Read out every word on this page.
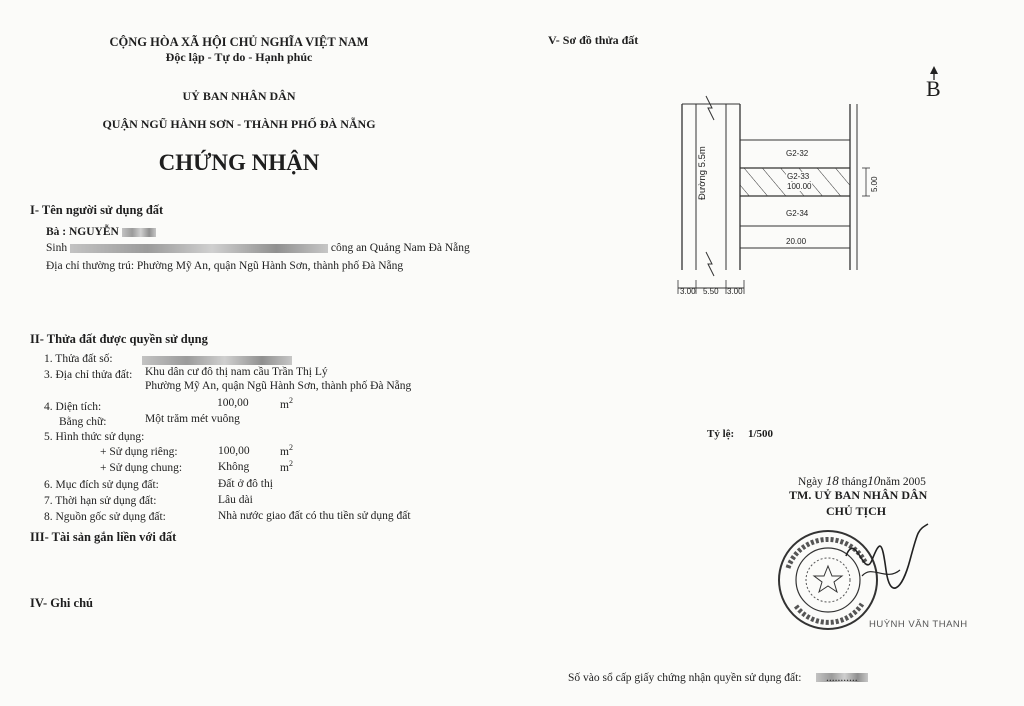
CỘNG HÒA XÃ HỘI CHỦ NGHĨA VIỆT NAM
Độc lập - Tự do - Hạnh phúc
UỶ BAN NHÂN DÂN
QUẬN NGŨ HÀNH SƠN - THÀNH PHỐ ĐÀ NẴNG
CHỨNG NHẬN
I- Tên người sử dụng đất
Bà : NGUYỄN
Sinh	công an Quảng Nam Đà Nẵng
Địa chỉ thường trú: Phường Mỹ An, quận Ngũ Hành Sơn, thành phố Đà Nẵng
II- Thửa đất được quyền sử dụng
1. Thửa đất số:
3. Địa chỉ thửa đất: Khu dân cư đô thị nam cầu Trần Thị Lý
Phường Mỹ An, quận Ngũ Hành Sơn, thành phố Đà Nẵng
4. Diện tích:	100,00	$m^2$
Bằng chữ:	Một trăm mét vuông
5. Hình thức sử dụng:
+ Sử dụng riêng:	100,00	$m^2$
+ Sử dụng chung:	Không	$m^2$
6. Mục đích sử dụng đất:	Đất ở đô thị
7. Thời hạn sử dụng đất:	Lâu dài
8. Nguồn gốc sử dụng đất:	Nhà nước giao đất có thu tiền sử dụng đất
III- Tài sản gắn liền với đất
IV- Ghi chú
V- Sơ đồ thửa đất
B
Đường 5.5m	G2-32
G2-33
100.00
G2-34
5.00
20.00
3.00 5.50 3.00
Tỷ lệ: 1/500
Ngày 18 tháng10năm 2005
TM. UỶ BAN NHÂN DÂN
CHỦ TỊCH
HUỲNH VĂN THANH
Số vào sổ cấp giấy chứng nhận quyền sử dụng đất: ...........
